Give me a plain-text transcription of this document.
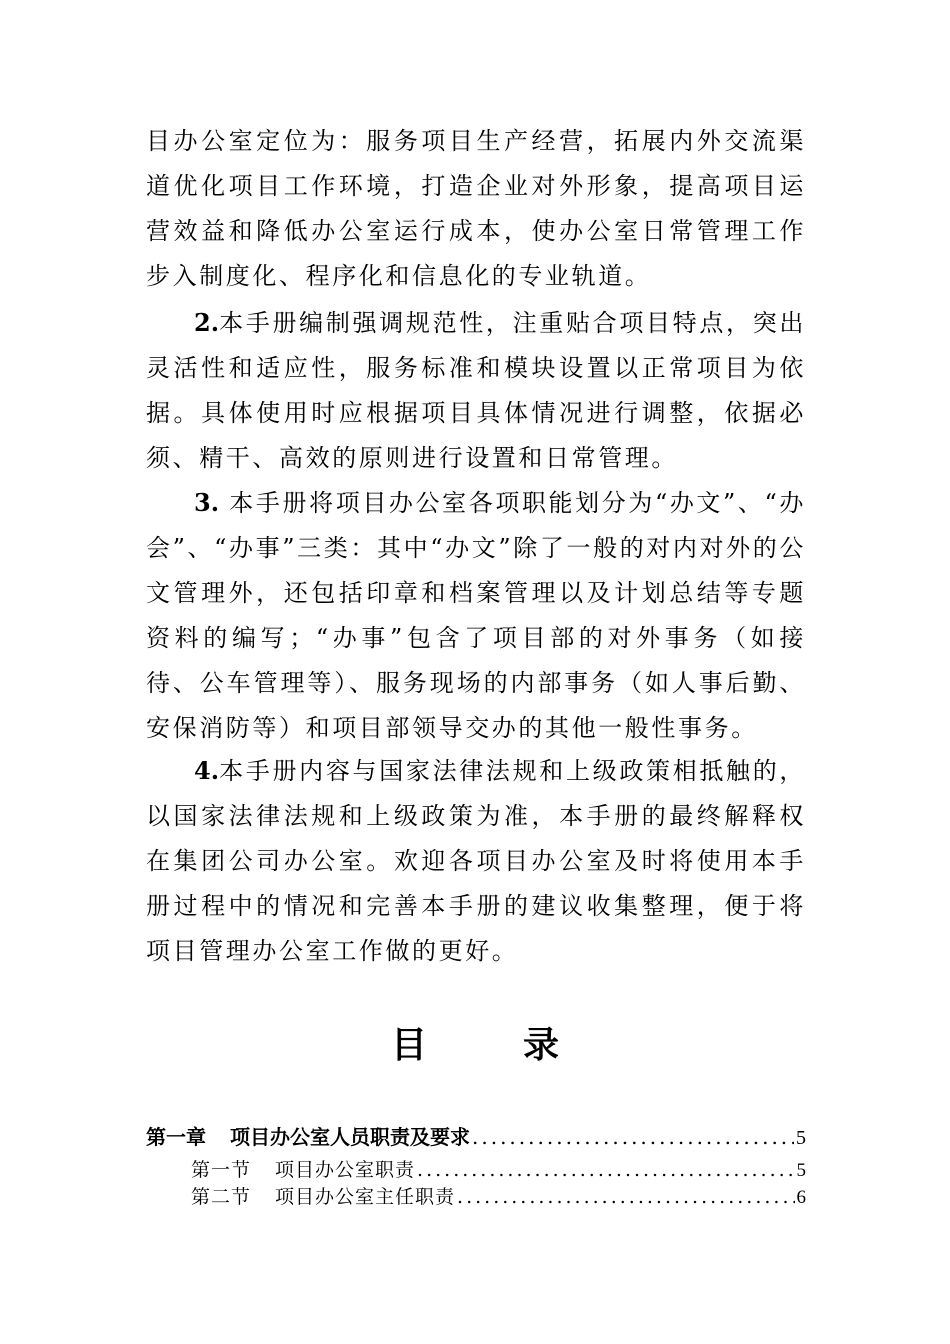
目办公室定位为：服务项目生产经营，拓展内外交流渠道优化项目工作环境，打造企业对外形象，提高项目运营效益和降低办公室运行成本，使办公室日常管理工作步入制度化、程序化和信息化的专业轨道。

2.本手册编制强调规范性，注重贴合项目特点，突出灵活性和适应性，服务标准和模块设置以正常项目为依据。具体使用时应根据项目具体情况进行调整，依据必须、精干、高效的原则进行设置和日常管理。

3. 本手册将项目办公室各项职能划分为“办文”、“办会”、“办事”三类：其中“办文”除了一般的对内对外的公文管理外，还包括印章和档案管理以及计划总结等专题资料的编写；“办事”包含了项目部的对外事务（如接待、公车管理等）、服务现场的内部事务（如人事后勤、安保消防等）和项目部领导交办的其他一般性事务。

4.本手册内容与国家法律法规和上级政策相抵触的，以国家法律法规和上级政策为准，本手册的最终解释权在集团公司办公室。欢迎各项目办公室及时将使用本手册过程中的情况和完善本手册的建议收集整理，便于将项目管理办公室工作做的更好。

目	录
第一章 项目办公室人员职责及要求 .....	5
第一节 项目办公室职责 .....	5
第二节 项目办公室主任职责 .....	6
